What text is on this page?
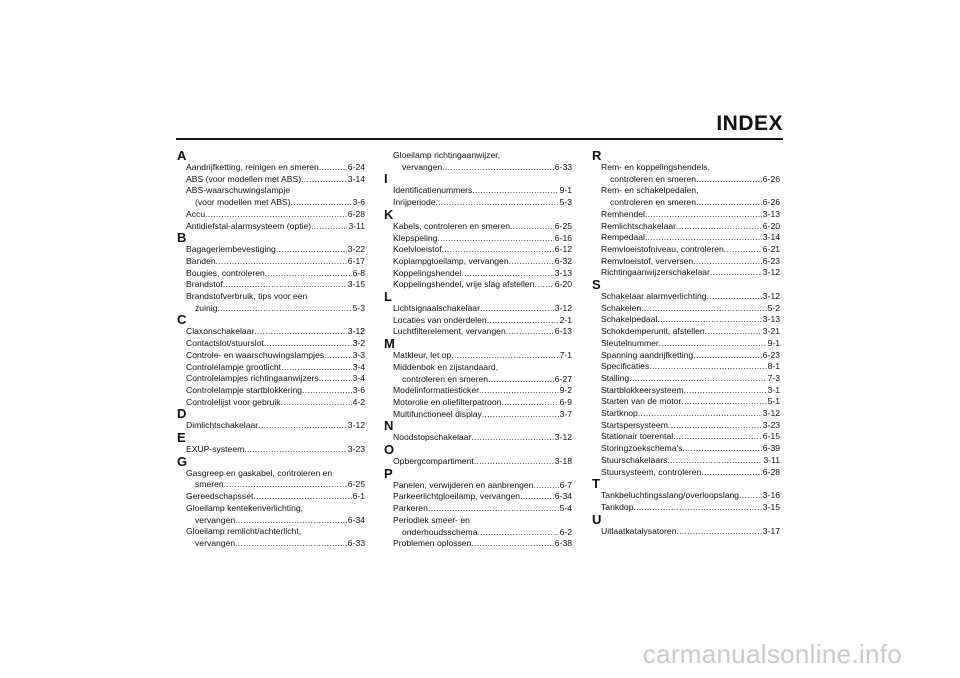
INDEX
A
Aandrijfketting, reinigen en smeren .....	6-24
ABS (voor modellen met ABS) .....	3-14
ABS-waarschuwingslampje
(voor modellen met ABS) .....	3-6
Accu .....	6-28
Antidiefstal-alarmsysteem (optie) .....	3-11
B
Bagageriembevestiging .....	3-22
Banden .....	6-17
Bougies, controleren .....	6-8
Brandstof .....	3-15
Brandstofverbruik, tips voor een
zuinig .....	5-3
C
Claxonschakelaar .....	3-12
Contactslot/stuurslot .....	3-2
Controle- en waarschuwingslampjes .....	3-3
Controlelampje grootlicht .....	3-4
Controlelampjes richtingaanwijzers .....	3-4
Controlelampje startblokkering .....	3-6
Controlelijst voor gebruik .....	4-2
D
Dimlichtschakelaar .....	3-12
E
EXUP-systeem .....	3-23
G
Gasgreep en gaskabel, controleren en
smeren .....	6-25
Gereedschapsset .....	6-1
Gloeilamp kentekenverlichting,
vervangen .....	6-34
Gloeilamp remlicht/achterlicht,
vervangen .....	6-33
Gloeilamp richtingaanwijzer,
vervangen .....	6-33
I
Identificatienummers .....	9-1
Inrijperiode .....	5-3
K
Kabels, controleren en smeren .....	6-25
Klepspeling .....	6-16
Koelvloeistof .....	6-12
Koplampgloeilamp, vervangen .....	6-32
Koppelingshendel .....	3-13
Koppelingshendel, vrije slag afstellen ..... 6-20
L
Lichtsignaalschakelaar .....	3-12
Locaties van onderdelen .....	2-1
Luchtfilterelement, vervangen .....	6-13
M
Matkleur, let op .....	7-1
Middenbok en zijstandaard,
controleren en smeren .....	6-27
Modelinformatiesticker .....	9-2
Motorolie en oliefilterpatroon .....	6-9
Multifunctioneel display .....	3-7
N
Noodstopschakelaar .....	3-12
O
Opbergcompartiment .....	3-18
P
Panelen, verwijderen en aanbrengen .....	6-7
Parkeerlichtgloeilamp, vervangen .....	6-34
Parkeren .....	5-4
Periodiek smeer- en
onderhoudsschema .....	6-2
Problemen oplossen .....	6-38
R
Rem- en koppelingshendels,
controleren en smeren .....	6-26
Rem- en schakelpedalen,
controleren en smeren .....	6-26
Remhendel .....	3-13
Remlichtschakelaar .....	6-20
Rempedaal .....	3-14
Remvloeistofniveau, controleren .....	6-21
Remvloeistof, verversen .....	6-23
Richtingaanwijzerschakelaar .....	3-12
S
Schakelaar alarmverlichting .....	3-12
Schakelen .....	5-2
Schakelpedaal .....	3-13
Schokdemperunit, afstellen .....	3-21
Sleutelnummer .....	9-1
Spanning aandrijfketting .....	6-23
Specificaties .....	8-1
Stalling .....	7-3
Startblokkeersysteem .....	3-1
Starten van de motor .....	5-1
Startknop .....	3-12
Startspersysteem .....	3-23
Stationair toerental .....	6-15
Storingzoekschema's .....	6-39
Stuurschakelaars .....	3-11
Stuursysteem, controleren .....	6-28
T
Tankbeluchtingsslang/overloopslang .....	3-16
Tankdop .....	3-15
U
Uitlaatkatalysatoren .....	3-17
carmanualsonline.info
